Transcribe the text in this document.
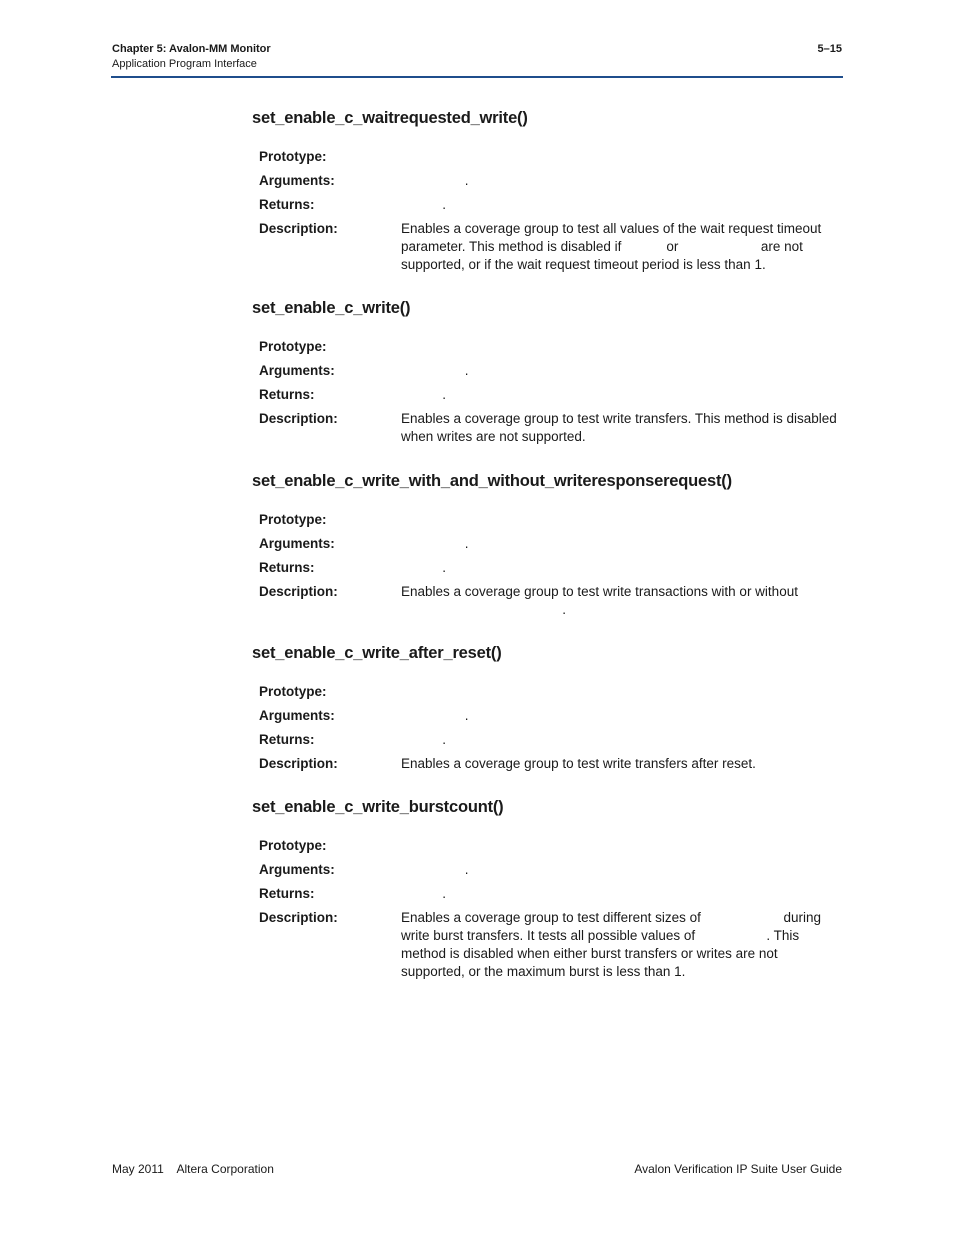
Chapter 5: Avalon-MM Monitor
Application Program Interface
5–15
set_enable_c_waitrequested_write()
Prototype:
Arguments:	.
Returns:	.
Description:	Enables a coverage group to test all values of the wait request timeout parameter. This method is disabled if            or                      are not supported, or if the wait request timeout period is less than 1.
set_enable_c_write()
Prototype:
Arguments:	.
Returns:	.
Description:	Enables a coverage group to test write transfers. This method is disabled when writes are not supported.
set_enable_c_write_with_and_without_writeresponserequest()
Prototype:
Arguments:	.
Returns:	.
Description:	Enables a coverage group to test write transactions with or without
.
set_enable_c_write_after_reset()
Prototype:
Arguments:	.
Returns:	.
Description:	Enables a coverage group to test write transfers after reset.
set_enable_c_write_burstcount()
Prototype:
Arguments:	.
Returns:	.
Description:	Enables a coverage group to test different sizes of                      during write burst transfers. It tests all possible values of                   . This method is disabled when either burst transfers or writes are not supported, or the maximum burst is less than 1.
May 2011    Altera Corporation	Avalon Verification IP Suite User Guide
